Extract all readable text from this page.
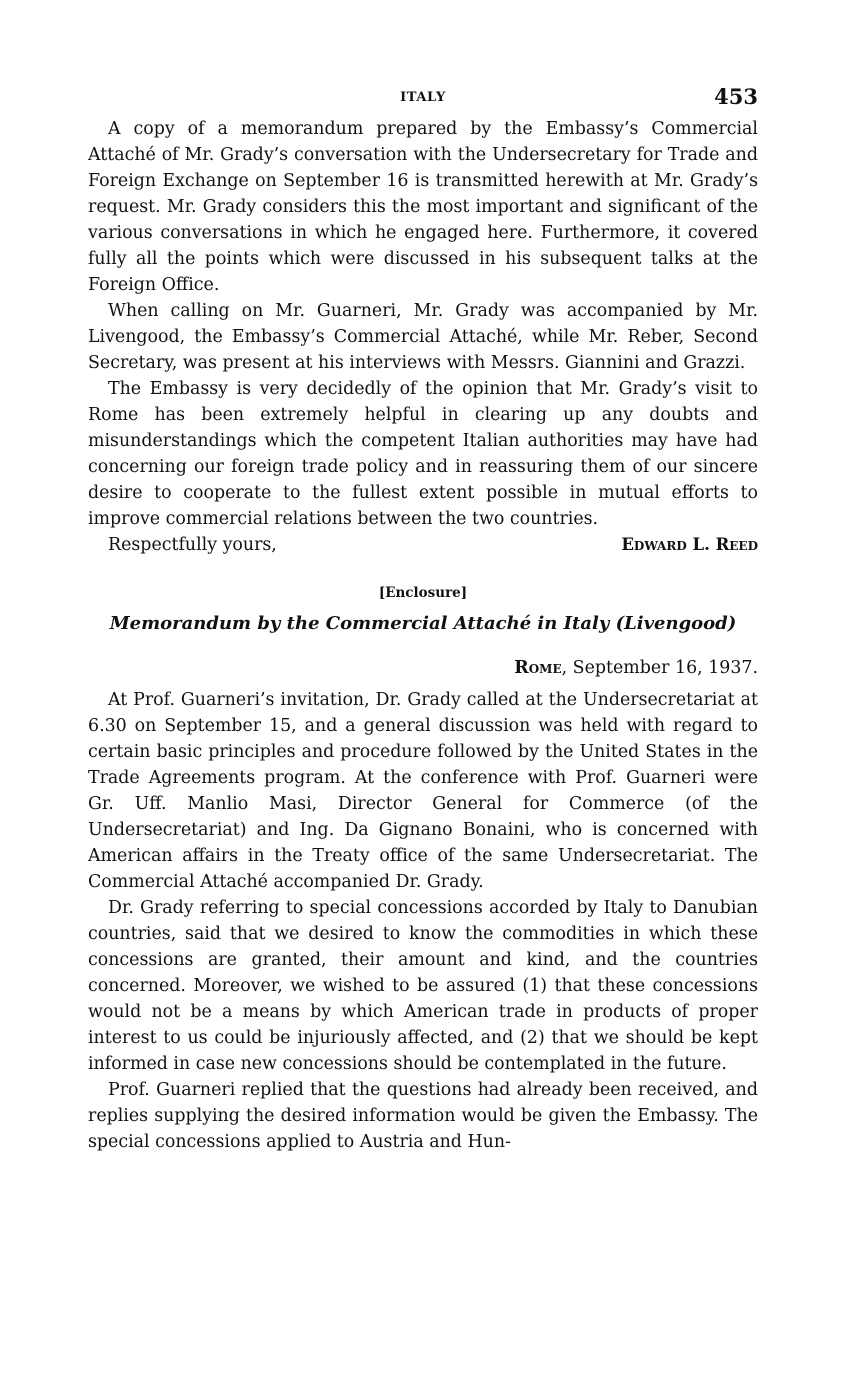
ITALY	453

A copy of a memorandum prepared by the Embassy’s Commercial Attaché of Mr. Grady’s conversation with the Undersecretary for Trade and Foreign Exchange on September 16 is transmitted herewith at Mr. Grady’s request. Mr. Grady considers this the most important and significant of the various conversations in which he engaged here. Furthermore, it covered fully all the points which were discussed in his subsequent talks at the Foreign Office.

When calling on Mr. Guarneri, Mr. Grady was accompanied by Mr. Livengood, the Embassy’s Commercial Attaché, while Mr. Reber, Second Secretary, was present at his interviews with Messrs. Giannini and Grazzi.

The Embassy is very decidedly of the opinion that Mr. Grady’s visit to Rome has been extremely helpful in clearing up any doubts and misunderstandings which the competent Italian authorities may have had concerning our foreign trade policy and in reassuring them of our sincere desire to cooperate to the fullest extent possible in mutual efforts to improve commercial relations between the two countries.

Respectfully yours,	Edward L. Reed
[Enclosure]
Memorandum by the Commercial Attaché in Italy (Livengood)
Rome, September 16, 1937.

At Prof. Guarneri’s invitation, Dr. Grady called at the Undersecretariat at 6.30 on September 15, and a general discussion was held with regard to certain basic principles and procedure followed by the United States in the Trade Agreements program. At the conference with Prof. Guarneri were Gr. Uff. Manlio Masi, Director General for Commerce (of the Undersecretariat) and Ing. Da Gignano Bonaini, who is concerned with American affairs in the Treaty office of the same Undersecretariat. The Commercial Attaché accompanied Dr. Grady.

Dr. Grady referring to special concessions accorded by Italy to Danubian countries, said that we desired to know the commodities in which these concessions are granted, their amount and kind, and the countries concerned. Moreover, we wished to be assured (1) that these concessions would not be a means by which American trade in products of proper interest to us could be injuriously affected, and (2) that we should be kept informed in case new concessions should be contemplated in the future.

Prof. Guarneri replied that the questions had already been received, and replies supplying the desired information would be given the Embassy. The special concessions applied to Austria and Hun-
